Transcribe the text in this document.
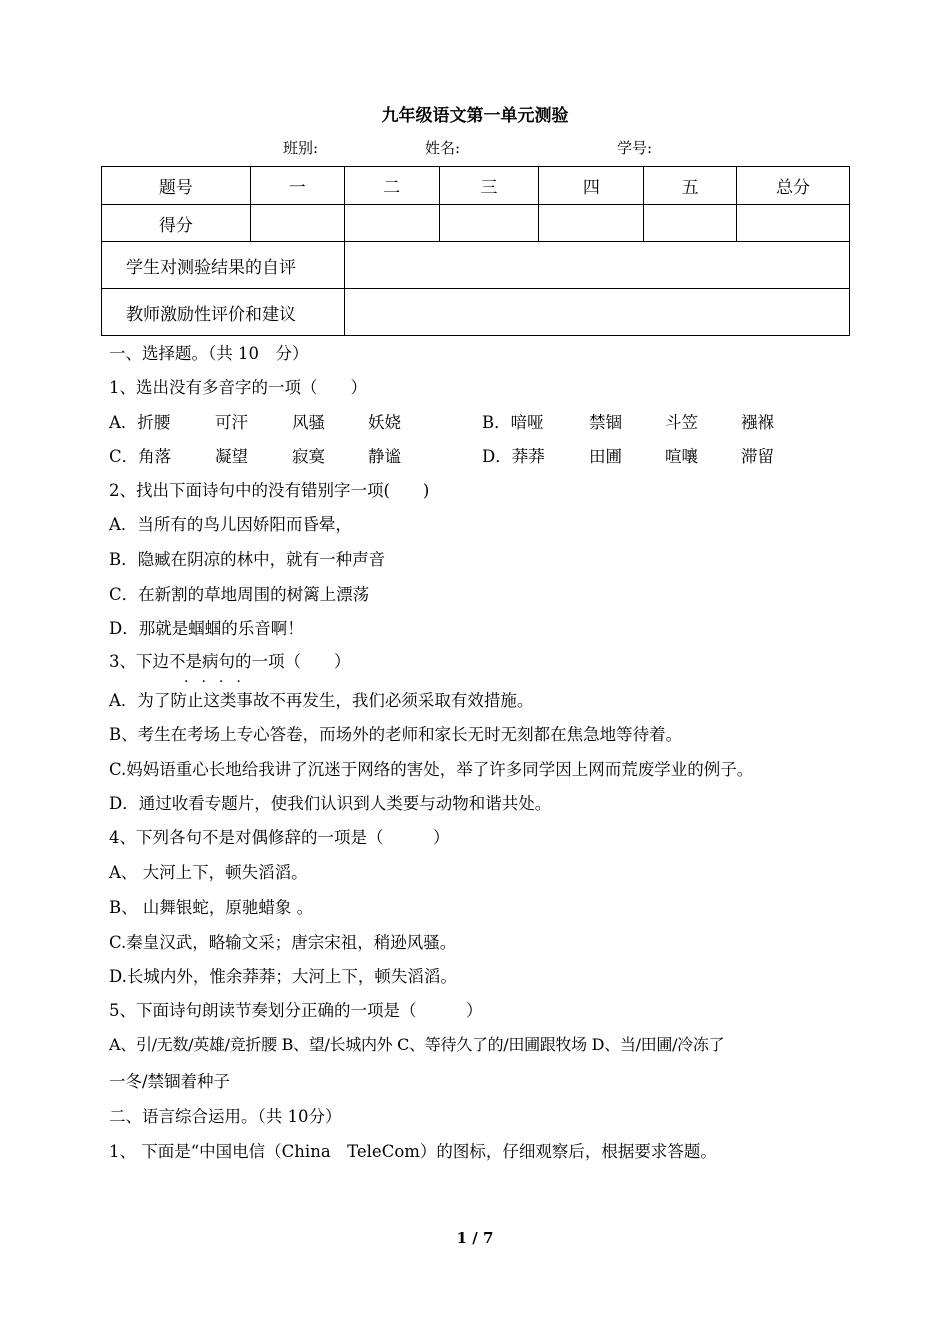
九年级语文第一单元测验
班别:	姓名:	学号:
题号	一	二	三	四	五	总分
得分						
学生对测验结果的自评						
教师激励性评价和建议						
一、选择题。（共 10　分）
1、选出没有多音字的一项（　　）
A．折腰	可汗	风骚	妖娆	B．喑哑	禁锢	斗笠	襁褓
C．角落	凝望	寂寞	静谧	D．莽莽	田圃	喧嚷	滞留
2、找出下面诗句中的没有错别字一项(　　)
A．当所有的鸟儿因娇阳而昏晕，
B．隐臧在阴凉的林中，就有一种声音
C．在新割的草地周围的树篱上漂荡
D．那就是蝈蝈的乐音啊！
3、下边不是病句的一项（　　）
····
A．为了防止这类事故不再发生，我们必须采取有效措施。
B、考生在考场上专心答卷，而场外的老师和家长无时无刻都在焦急地等待着。
C.妈妈语重心长地给我讲了沉迷于网络的害处，举了许多同学因上网而荒废学业的例子。
D．通过收看专题片，使我们认识到人类要与动物和谐共处。
4、下列各句不是对偶修辞的一项是（　　　）
A、 大河上下，顿失滔滔。
B、 山舞银蛇，原驰蜡象 。
C.秦皇汉武，略输文采；唐宗宋祖，稍逊风骚。
D.长城内外，惟余莽莽；大河上下，顿失滔滔。
5、下面诗句朗读节奏划分正确的一项是（　　　）
A、引/无数/英雄/竞折腰 B、望/长城内外 C、等待久了的/田圃跟牧场 D、当/田圃/冷冻了
一冬/禁锢着种子
二、语言综合运用。（共 10分）
1、 下面是“中国电信（China　TeleCom）的图标，仔细观察后，根据要求答题。
1 / 7
